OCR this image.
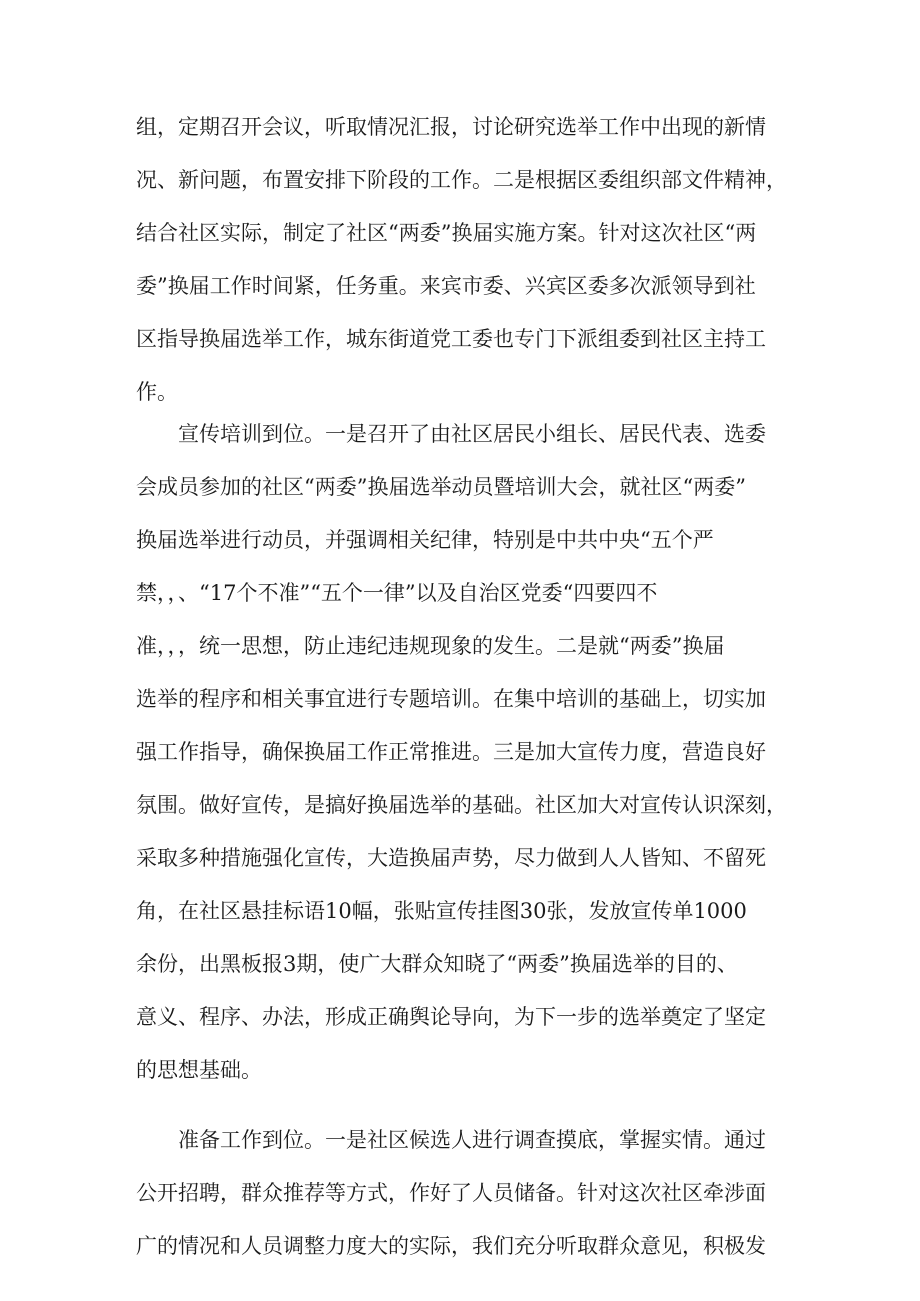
组，定期召开会议，听取情况汇报，讨论研究选举工作中出现的新情
况、新问题，布置安排下阶段的工作。二是根据区委组织部文件精神，
结合社区实际，制定了社区“两委”换届实施方案。针对这次社区“两
委”换届工作时间紧，任务重。来宾市委、兴宾区委多次派领导到社
区指导换届选举工作，城东街道党工委也专门下派组委到社区主持工
作。
宣传培训到位。一是召开了由社区居民小组长、居民代表、选委
会成员参加的社区“两委”换届选举动员暨培训大会，就社区“两委”
换届选举进行动员，并强调相关纪律，特别是中共中央“五个严
禁，，、“17个不准”“五个一律”以及自治区党委“四要四不
准，，，统一思想，防止违纪违规现象的发生。二是就“两委”换届
选举的程序和相关事宜进行专题培训。在集中培训的基础上，切实加
强工作指导，确保换届工作正常推进。三是加大宣传力度，营造良好
氛围。做好宣传，是搞好换届选举的基础。社区加大对宣传认识深刻，
采取多种措施强化宣传，大造换届声势，尽力做到人人皆知、不留死
角，在社区悬挂标语10幅，张贴宣传挂图30张，发放宣传单1000
余份，出黑板报3期，使广大群众知晓了“两委”换届选举的目的、
意义、程序、办法，形成正确舆论导向，为下一步的选举奠定了坚定
的思想基础。
准备工作到位。一是社区候选人进行调查摸底，掌握实情。通过
公开招聘，群众推荐等方式，作好了人员储备。针对这次社区牵涉面
广的情况和人员调整力度大的实际，我们充分听取群众意见，积极发
